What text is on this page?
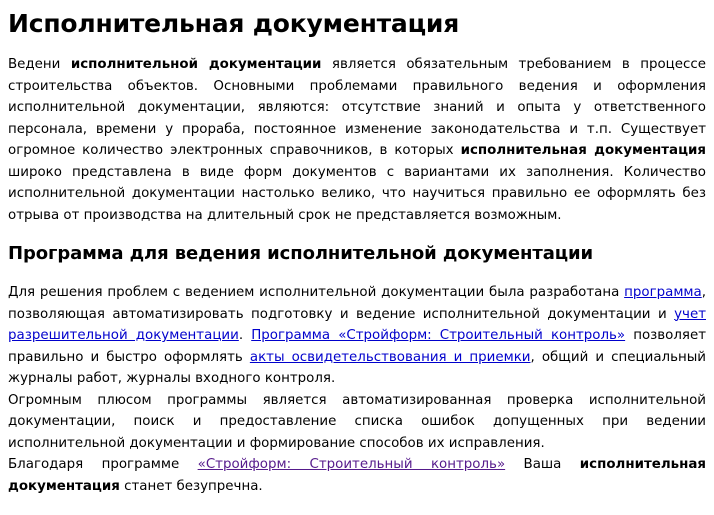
Исполнительная документация

Ведени исполнительной документации является обязательным требованием в процессе строительства объектов. Основными проблемами правильного ведения и оформления исполнительной документации, являются: отсутствие знаний и опыта у ответственного персонала, времени у прораба, постоянное изменение законодательства и т.п. Существует огромное количество электронных справочников, в которых исполнительная документация широко представлена в виде форм документов с вариантами их заполнения. Количество исполнительной документации настолько велико, что научиться правильно ее оформлять без отрыва от производства на длительный срок не представляется возможным.

Программа для ведения исполнительной документации

Для решения проблем с ведением исполнительной документации была разработана программа, позволяющая автоматизировать подготовку и ведение исполнительной документации и учет разрешительной документации. Программа «Стройформ: Строительный контроль» позволяет правильно и быстро оформлять акты освидетельствования и приемки, общий и специальный журналы работ, журналы входного контроля.
Огромным плюсом программы является автоматизированная проверка исполнительной документации, поиск и предоставление списка ошибок допущенных при ведении исполнительной документации и формирование способов их исправления.
Благодаря программе «Стройформ: Строительный контроль» Ваша исполнительная документация станет безупречна.
